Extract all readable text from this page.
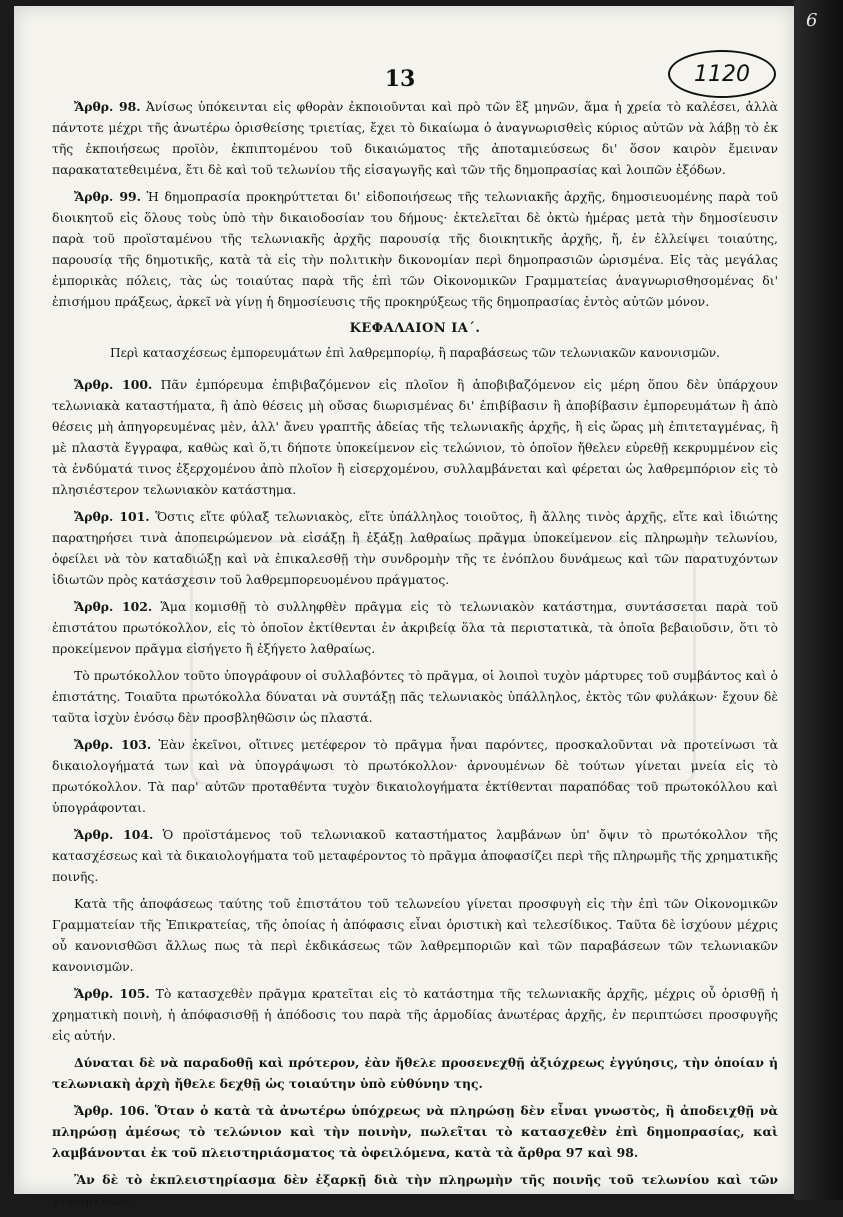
6
13	1120

Ἄρθρ. 98. Ἀνίσως ὑπόκεινται εἰς φθορὰν ἐκποιοῦνται καὶ πρὸ τῶν ἓξ μηνῶν, ἅμα ἡ χρεία τὸ καλέσει, ἀλλὰ πάντοτε μέχρι τῆς ἀνωτέρω ὁρισθείσης τριετίας, ἔχει τὸ δικαίωμα ὁ ἀναγνωρισθεὶς κύριος αὐτῶν νὰ λάβῃ τὸ ἐκ τῆς ἐκποιήσεως προϊὸν, ἐκπιπτομένου τοῦ δικαιώματος τῆς ἀποταμιεύσεως δι' ὅσον καιρὸν ἔμειναν παρακατατεθειμένα, ἔτι δὲ καὶ τοῦ τελωνίου τῆς εἰσαγωγῆς καὶ τῶν τῆς δημοπρασίας καὶ λοιπῶν ἐξόδων.

Ἄρθρ. 99. Ἡ δημοπρασία προκηρύττεται δι' εἰδοποιήσεως τῆς τελωνιακῆς ἀρχῆς, δημοσιευομένης παρὰ τοῦ διοικητοῦ εἰς ὅλους τοὺς ὑπὸ τὴν δικαιοδοσίαν του δήμους· ἐκτελεῖται δὲ ὀκτὼ ἡμέρας μετὰ τὴν δημοσίευσιν παρὰ τοῦ προϊσταμένου τῆς τελωνιακῆς ἀρχῆς παρουσίᾳ τῆς διοικητικῆς ἀρχῆς, ἤ, ἐν ἐλλείψει τοιαύτης, παρουσίᾳ τῆς δημοτικῆς, κατὰ τὰ εἰς τὴν πολιτικὴν δικονομίαν περὶ δημοπρασιῶν ὡρισμένα. Εἰς τὰς μεγάλας ἐμπορικὰς πόλεις, τὰς ὡς τοιαύτας παρὰ τῆς ἐπὶ τῶν Οἰκονομικῶν Γραμματείας ἀναγνωρισθησομένας δι' ἐπισήμου πράξεως, ἀρκεῖ νὰ γίνῃ ἡ δημοσίευσις τῆς προκηρύξεως τῆς δημοπρασίας ἐντὸς αὐτῶν μόνον.

ΚΕΦΑΛΑΙΟΝ ΙΑ΄.
Περὶ κατασχέσεως ἐμπορευμάτων ἐπὶ λαθρεμπορίῳ, ἢ παραβάσεως τῶν τελωνιακῶν κανονισμῶν.

Ἄρθρ. 100. Πᾶν ἐμπόρευμα ἐπιβιβαζόμενον εἰς πλοῖον ἢ ἀποβιβαζόμενον εἰς μέρη ὅπου δὲν ὑπάρχουν τελωνιακὰ καταστήματα, ἢ ἀπὸ θέσεις μὴ οὔσας διωρισμένας δι' ἐπιβίβασιν ἢ ἀποβίβασιν ἐμπορευμάτων ἢ ἀπὸ θέσεις μὴ ἀπηγορευμένας μὲν, ἀλλ' ἄνευ γραπτῆς ἀδείας τῆς τελωνιακῆς ἀρχῆς, ἢ εἰς ὥρας μὴ ἐπιτεταγμένας, ἢ μὲ πλαστὰ ἔγγραφα, καθὼς καὶ ὅ,τι δήποτε ὑποκείμενον εἰς τελώνιον, τὸ ὁποῖον ἤθελεν εὑρεθῇ κεκρυμμένον εἰς τὰ ἐνδύματά τινος ἐξερχομένου ἀπὸ πλοῖον ἢ εἰσερχομένου, συλλαμβάνεται καὶ φέρεται ὡς λαθρεμπόριον εἰς τὸ πλησιέστερον τελωνιακὸν κατάστημα.

Ἄρθρ. 101. Ὅστις εἴτε φύλαξ τελωνιακὸς, εἴτε ὑπάλληλος τοιοῦτος, ἢ ἄλλης τινὸς ἀρχῆς, εἴτε καὶ ἰδιώτης παρατηρήσει τινὰ ἀποπειρώμενον νὰ εἰσάξῃ ἢ ἐξάξῃ λαθραίως πρᾶγμα ὑποκείμενον εἰς πληρωμὴν τελωνίου, ὀφείλει νὰ τὸν καταδιώξῃ καὶ νὰ ἐπικαλεσθῇ τὴν συνδρομὴν τῆς τε ἐνόπλου δυνάμεως καὶ τῶν παρατυχόντων ἰδιωτῶν πρὸς κατάσχεσιν τοῦ λαθρεμπορευομένου πράγματος.

Ἄρθρ. 102. Ἅμα κομισθῇ τὸ συλληφθὲν πρᾶγμα εἰς τὸ τελωνιακὸν κατάστημα, συντάσσεται παρὰ τοῦ ἐπιστάτου πρωτόκολλον, εἰς τὸ ὁποῖον ἐκτίθενται ἐν ἀκριβείᾳ ὅλα τὰ περιστατικὰ, τὰ ὁποῖα βεβαιοῦσιν, ὅτι τὸ προκείμενον πρᾶγμα εἰσήγετο ἢ ἐξήγετο λαθραίως.

Τὸ πρωτόκολλον τοῦτο ὑπογράφουν οἱ συλλαβόντες τὸ πρᾶγμα, οἱ λοιποὶ τυχὸν μάρτυρες τοῦ συμβάντος καὶ ὁ ἐπιστάτης. Τοιαῦτα πρωτόκολλα δύναται νὰ συντάξῃ πᾶς τελωνιακὸς ὑπάλληλος, ἐκτὸς τῶν φυλάκων· ἔχουν δὲ ταῦτα ἰσχὺν ἐνόσῳ δὲν προσβληθῶσιν ὡς πλαστά.

Ἄρθρ. 103. Ἐὰν ἐκεῖνοι, οἵτινες μετέφερον τὸ πρᾶγμα ἦναι παρόντες, προσκαλοῦνται νὰ προτείνωσι τὰ δικαιολογήματά των καὶ νὰ ὑπογράψωσι τὸ πρωτόκολλον· ἀρνουμένων δὲ τούτων γίνεται μνεία εἰς τὸ πρωτόκολλον. Τὰ παρ' αὐτῶν προταθέντα τυχὸν δικαιολογήματα ἐκτίθενται παραπόδας τοῦ πρωτοκόλλου καὶ ὑπογράφονται.

Ἄρθρ. 104. Ὁ προϊστάμενος τοῦ τελωνιακοῦ καταστήματος λαμβάνων ὑπ' ὄψιν τὸ πρωτόκολλον τῆς κατασχέσεως καὶ τὰ δικαιολογήματα τοῦ μεταφέροντος τὸ πρᾶγμα ἀποφασίζει περὶ τῆς πληρωμῆς τῆς χρηματικῆς ποινῆς.

Κατὰ τῆς ἀποφάσεως ταύτης τοῦ ἐπιστάτου τοῦ τελωνείου γίνεται προσφυγὴ εἰς τὴν ἐπὶ τῶν Οἰκονομικῶν Γραμματείαν τῆς Ἐπικρατείας, τῆς ὁποίας ἡ ἀπόφασις εἶναι ὁριστικὴ καὶ τελεσίδικος. Ταῦτα δὲ ἰσχύουν μέχρις οὗ κανονισθῶσι ἄλλως πως τὰ περὶ ἐκδικάσεως τῶν λαθρεμποριῶν καὶ τῶν παραβάσεων τῶν τελωνιακῶν κανονισμῶν.

Ἄρθρ. 105. Τὸ κατασχεθὲν πρᾶγμα κρατεῖται εἰς τὸ κατάστημα τῆς τελωνιακῆς ἀρχῆς, μέχρις οὗ ὁρισθῇ ἡ χρηματικὴ ποινὴ, ἡ ἀπόφασισθῇ ἡ ἀπόδοσις του παρὰ τῆς ἁρμοδίας ἀνωτέρας ἀρχῆς, ἐν περιπτώσει προσφυγῆς εἰς αὐτήν.

Δύναται δὲ νὰ παραδοθῇ καὶ πρότερον, ἐὰν ἤθελε προσενεχθῇ ἀξιόχρεως ἐγγύησις, τὴν ὁποίαν ἡ τελωνιακὴ ἀρχὴ ἤθελε δεχθῇ ὡς τοιαύτην ὑπὸ εὐθύνην της.

Ἄρθρ. 106. Ὅταν ὁ κατὰ τὰ ἀνωτέρω ὑπόχρεως νὰ πληρώσῃ δὲν εἶναι γνωστὸς, ἢ ἀποδειχθῇ νὰ πληρώσῃ ἀμέσως τὸ τελώνιον καὶ τὴν ποινὴν, πωλεῖται τὸ κατασχεθὲν ἐπὶ δημοπρασίας, καὶ λαμβάνονται ἐκ τοῦ πλειστηριάσματος τὰ ὀφειλόμενα, κατὰ τὰ ἄρθρα 97 καὶ 98.

Ἂν δὲ τὸ ἐκπλειστηρίασμα δὲν ἐξαρκῇ διὰ τὴν πληρωμὴν τῆς ποινῆς τοῦ τελωνίου καὶ τῶν γενομένων
